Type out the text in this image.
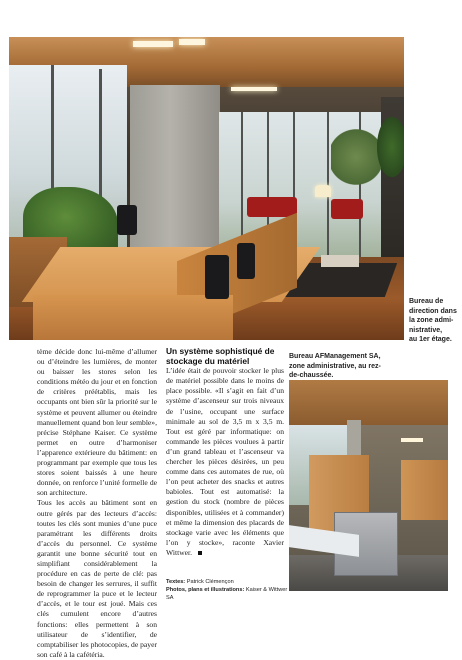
Bureau de
direction dans
la zone admi-
nistrative,
au 1er étage.

tème décide donc lui-même d’allumer ou d’éteindre les lumières, de monter ou baisser les stores selon les conditions météo du jour et en fonction de critères préétablis, mais les occupants ont bien sûr la priorité sur le système et peuvent allumer ou éteindre manuellement quand bon leur semble», précise Stéphane Kaiser. Ce système permet en outre d’harmoniser l’apparence extérieure du bâtiment: en programmant par exemple que tous les stores soient baissés à une heure donnée, on renforce l’unité formelle de son architecture.

Tous les accès au bâtiment sont en outre gérés par des lecteurs d’accès: toutes les clés sont munies d’une puce paramétrant les différents droits d’accès du personnel. Ce système garantit une bonne sécurité tout en simplifiant considérablement la procédure en cas de perte de clé: pas besoin de changer les serrures, il suffit de reprogrammer la puce et le lecteur d’accès, et le tour est joué. Mais ces clés cumulent encore d’autres fonctions: elles permettent à son utilisateur de s’identifier, de comptabiliser les photocopies, de payer son café à la cafétéria.

Un système sophistiqué de stockage du matériel

L’idée était de pouvoir stocker le plus de matériel possible dans le moins de place possible. «Il s’agit en fait d’un système d’ascenseur sur trois niveaux de l’usine, occupant une surface minimale au sol de 3,5 m x 3,5 m. Tout est géré par informatique: on commande les pièces voulues à partir d’un grand tableau et l’ascenseur va chercher les pièces désirées, un peu comme dans ces automates de rue, où l’on peut acheter des snacks et autres babioles. Tout est automatisé: la gestion du stock (nombre de pièces disponibles, utilisées et à commander) et même la dimension des placards de stockage varie avec les éléments que l’on y stocke», raconte Xavier Wittwer.

Textes: Patrick Clémençon
Photos, plans et illustrations: Kaiser & Wittwer SA
Bureau AFManagement SA,
zone administrative, au rez-
de-chaussée.
